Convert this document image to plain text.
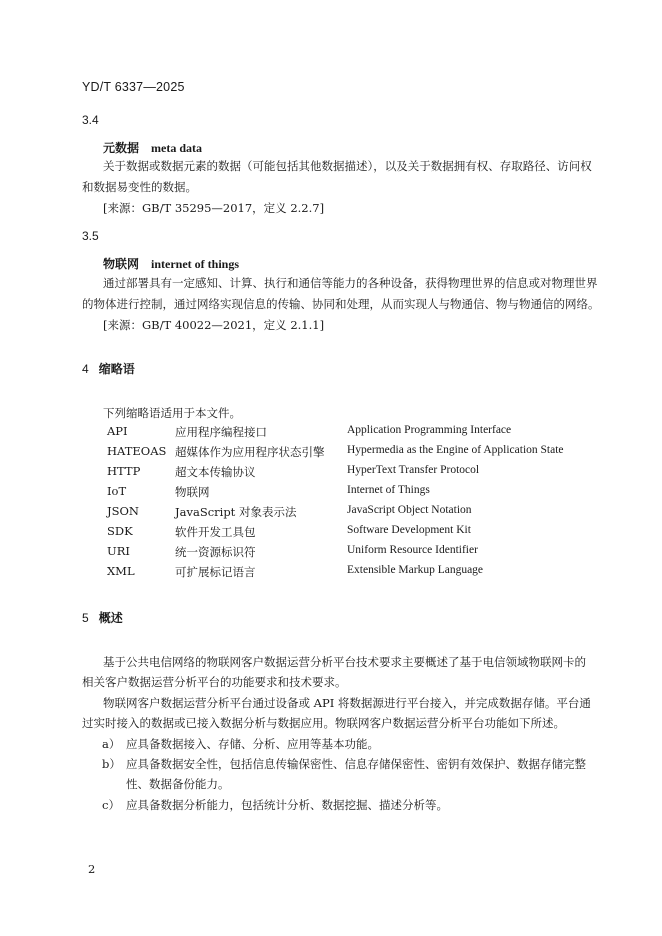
YD/T 6337—2025
3.4
元数据 meta data
关于数据或数据元素的数据（可能包括其他数据描述），以及关于数据拥有权、存取路径、访问权
和数据易变性的数据。
[来源：GB/T 35295—2017，定义 2.2.7]
3.5
物联网 internet of things
通过部署具有一定感知、计算、执行和通信等能力的各种设备，获得物理世界的信息或对物理世界
的物体进行控制，通过网络实现信息的传输、协同和处理，从而实现人与物通信、物与物通信的网络。
[来源：GB/T 40022—2021，定义 2.1.1]
4 缩略语
下列缩略语适用于本文件。
API	应用程序编程接口	Application Programming Interface
HATEOAS 超媒体作为应用程序状态引擎 Hypermedia as the Engine of Application State
HTTP	超文本传输协议	HyperText Transfer Protocol
IoT	物联网	Internet of Things
JSON	JavaScript 对象表示法	JavaScript Object Notation
SDK	软件开发工具包	Software Development Kit
URI	统一资源标识符	Uniform Resource Identifier
XML	可扩展标记语言	Extensible Markup Language
5 概述
基于公共电信网络的物联网客户数据运营分析平台技术要求主要概述了基于电信领域物联网卡的
相关客户数据运营分析平台的功能要求和技术要求。
物联网客户数据运营分析平台通过设备或 API 将数据源进行平台接入，并完成数据存储。平台通
过实时接入的数据或已接入数据分析与数据应用。物联网客户数据运营分析平台功能如下所述。
a） 应具备数据接入、存储、分析、应用等基本功能。
b） 应具备数据安全性，包括信息传输保密性、信息存储保密性、密钥有效保护、数据存储完整性、数据备份能力。
c） 应具备数据分析能力，包括统计分析、数据挖掘、描述分析等。
2
